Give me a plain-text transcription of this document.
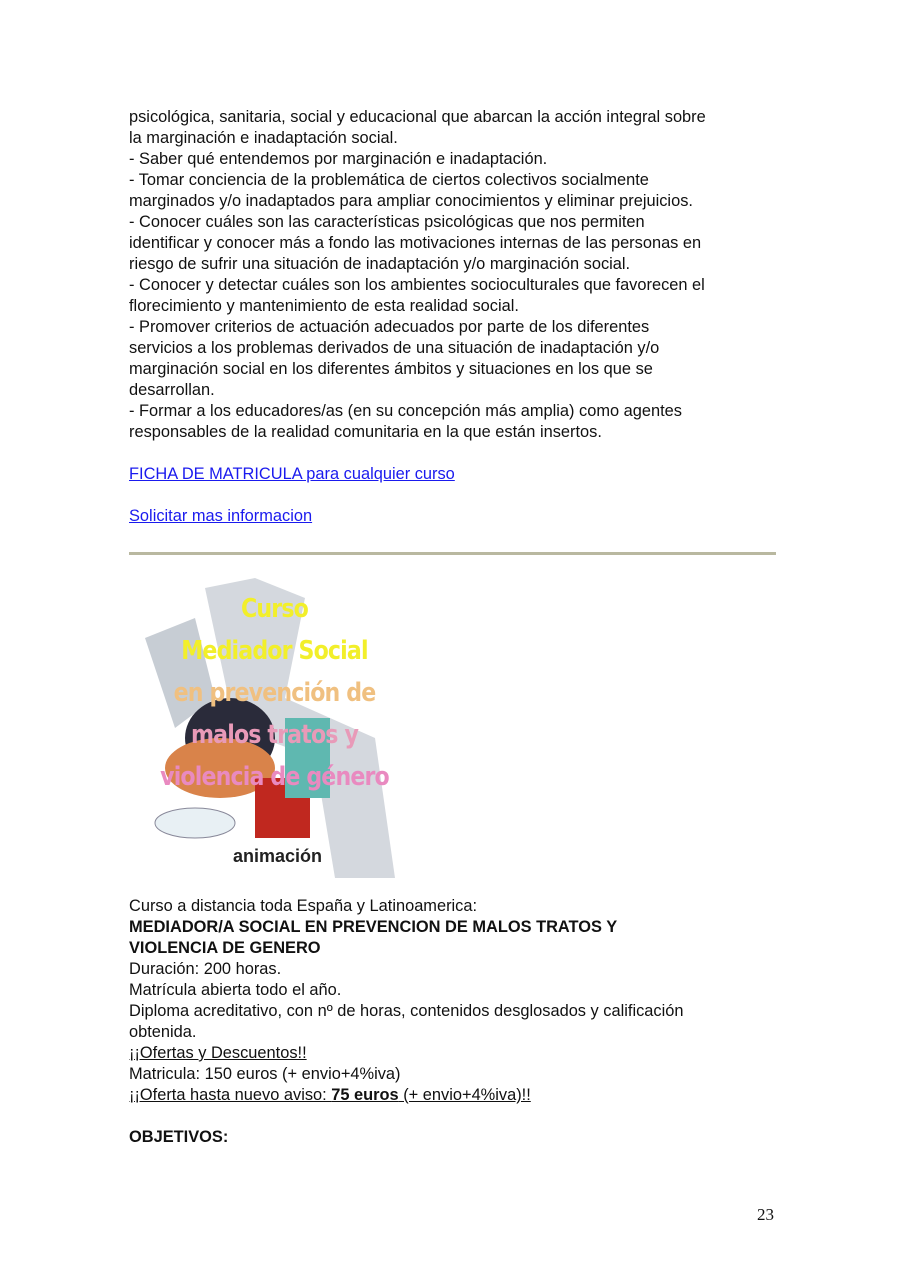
psicológica, sanitaria, social y educacional que abarcan la acción integral sobre
la marginación e inadaptación social.
- Saber qué entendemos por marginación e inadaptación.
- Tomar conciencia de la problemática de ciertos colectivos socialmente
marginados y/o inadaptados para ampliar conocimientos y eliminar prejuicios.
- Conocer cuáles son las características psicológicas que nos permiten
identificar y conocer más a fondo las motivaciones internas de las personas en
riesgo de sufrir una situación de inadaptación y/o marginación social.
- Conocer y detectar cuáles son los ambientes socioculturales que favorecen el
florecimiento y mantenimiento de esta realidad social.
- Promover criterios de actuación adecuados por parte de los diferentes
servicios a los problemas derivados de una situación de inadaptación y/o
marginación social en los diferentes ámbitos y situaciones en los que se
desarrollan.
- Formar a los educadores/as (en su concepción más amplia) como agentes
responsables de la realidad comunitaria en la que están insertos.
FICHA DE MATRICULA para cualquier curso
Solicitar mas informacion
Curso
Mediador Social
en prevención de
malos tratos y
violencia de género
animación
Curso a distancia toda España y Latinoamerica:
MEDIADOR/A SOCIAL EN PREVENCION DE MALOS TRATOS Y
VIOLENCIA DE GENERO
Duración: 200 horas.
Matrícula abierta todo el año.
Diploma acreditativo, con nº de horas, contenidos desglosados y calificación
obtenida.
¡¡Ofertas y Descuentos!!
Matricula: 150 euros (+ envio+4%iva)
¡¡Oferta hasta nuevo aviso: 75 euros (+ envio+4%iva)!!
OBJETIVOS:
23
